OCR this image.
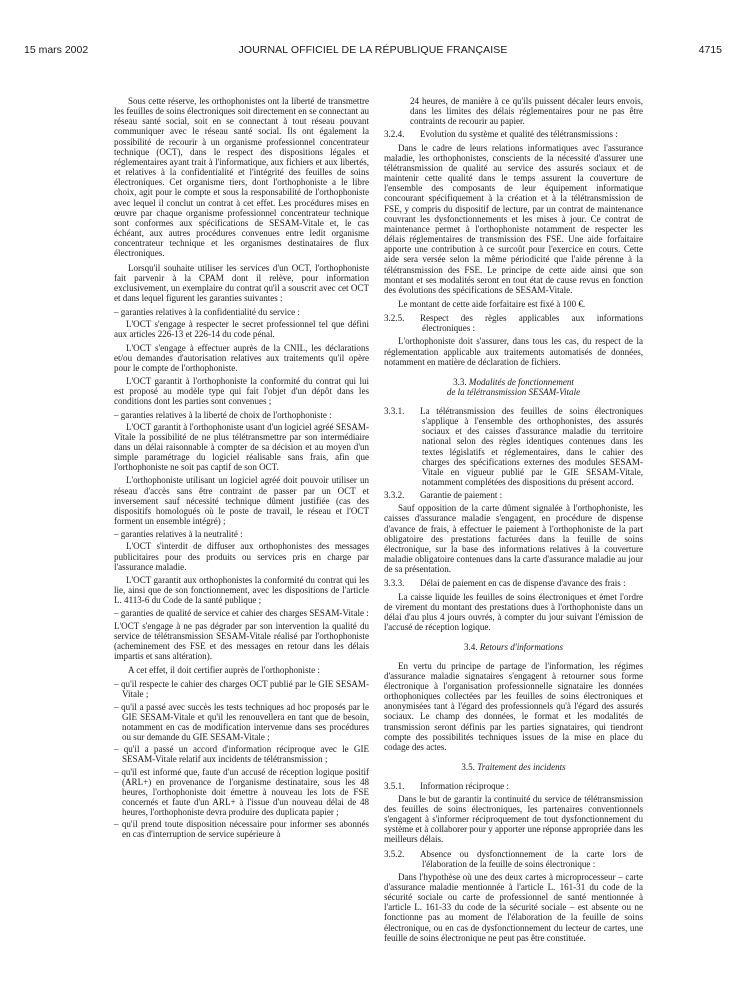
15 mars 2002	JOURNAL OFFICIEL DE LA RÉPUBLIQUE FRANÇAISE	4715

Sous cette réserve, les orthophonistes ont la liberté de transmettre les feuilles de soins électroniques soit directement en se connectant au réseau santé social, soit en se connectant à tout réseau pouvant communiquer avec le réseau santé social. Ils ont également la possibilité de recourir à un organisme professionnel concentrateur technique (OCT), dans le respect des dispositions légales et réglementaires ayant trait à l'informatique, aux fichiers et aux libertés, et relatives à la confidentialité et l'intégrité des feuilles de soins électroniques. Cet organisme tiers, dont l'orthophoniste a le libre choix, agit pour le compte et sous la responsabilité de l'orthophoniste avec lequel il conclut un contrat à cet effet. Les procédures mises en œuvre par chaque organisme professionnel concentrateur technique sont conformes aux spécifications de SESAM-Vitale et, le cas échéant, aux autres procédures convenues entre ledit organisme concentrateur technique et les organismes destinataires de flux électroniques.

Lorsqu'il souhaite utiliser les services d'un OCT, l'orthophoniste fait parvenir à la CPAM dont il relève, pour information exclusivement, un exemplaire du contrat qu'il a souscrit avec cet OCT et dans lequel figurent les garanties suivantes :

– garanties relatives à la confidentialité du service :

L'OCT s'engage à respecter le secret professionnel tel que défini aux articles 226-13 et 226-14 du code pénal.

L'OCT s'engage à effectuer auprès de la CNIL, les déclarations et/ou demandes d'autorisation relatives aux traitements qu'il opère pour le compte de l'orthophoniste.

L'OCT garantit à l'orthophoniste la conformité du contrat qui lui est proposé au modèle type qui fait l'objet d'un dépôt dans les conditions dont les parties sont convenues ;

– garanties relatives à la liberté de choix de l'orthophoniste :

L'OCT garantit à l'orthophoniste usant d'un logiciel agréé SESAM-Vitale la possibilité de ne plus télétransmettre par son intermédiaire dans un délai raisonnable à compter de sa décision et au moyen d'un simple paramétrage du logiciel réalisable sans frais, afin que l'orthophoniste ne soit pas captif de son OCT.

L'orthophoniste utilisant un logiciel agréé doit pouvoir utiliser un réseau d'accès sans être contraint de passer par un OCT et inversement sauf nécessité technique dûment justifiée (cas des dispositifs homologués où le poste de travail, le réseau et l'OCT forment un ensemble intégré) ;

– garanties relatives à la neutralité :

L'OCT s'interdit de diffuser aux orthophonistes des messages publicitaires pour des produits ou services pris en charge par l'assurance maladie.

L'OCT garantit aux orthophonistes la conformité du contrat qui les lie, ainsi que de son fonctionnement, avec les dispositions de l'article L. 4113-6 du Code de la santé publique ;

– garanties de qualité de service et cahier des charges SESAM-Vitale :

L'OCT s'engage à ne pas dégrader par son intervention la qualité du service de télétransmission SESAM-Vitale réalisé par l'orthophoniste (acheminement des FSE et des messages en retour dans les délais impartis et sans altération).

A cet effet, il doit certifier auprès de l'orthophoniste :

– qu'il respecte le cahier des charges OCT publié par le GIE SESAM-Vitale ;

– qu'il a passé avec succès les tests techniques ad hoc proposés par le GIE SESAM-Vitale et qu'il les renouvellera en tant que de besoin, notamment en cas de modification intervenue dans ses procédures ou sur demande du GIE SESAM-Vitale ;

– qu'il a passé un accord d'information réciproque avec le GIE SESAM-Vitale relatif aux incidents de télétransmission ;

– qu'il est informé que, faute d'un accusé de réception logique positif (ARL+) en provenance de l'organisme destinataire, sous les 48 heures, l'orthophoniste doit émettre à nouveau les lots de FSE concernés et faute d'un ARL+ à l'issue d'un nouveau délai de 48 heures, l'orthophoniste devra produire des duplicata papier ;

– qu'il prend toute disposition nécessaire pour informer ses abonnés en cas d'interruption de service supérieure à

24 heures, de manière à ce qu'ils puissent décaler leurs envois, dans les limites des délais réglementaires pour ne pas être contraints de recourir au papier.

3.2.4. Evolution du système et qualité des télétransmissions :

Dans le cadre de leurs relations informatiques avec l'assurance maladie, les orthophonistes, conscients de la nécessité d'assurer une télétransmission de qualité au service des assurés sociaux et de maintenir cette qualité dans le temps assurent la couverture de l'ensemble des composants de leur équipement informatique concourant spécifiquement à la création et à la télétransmission de FSE, y compris du dispositif de lecture, par un contrat de maintenance couvrant les dysfonctionnements et les mises à jour. Ce contrat de maintenance permet à l'orthophoniste notamment de respecter les délais réglementaires de transmission des FSE. Une aide forfaitaire apporte une contribution à ce surcoût pour l'exercice en cours. Cette aide sera versée selon la même périodicité que l'aide pérenne à la télétransmission des FSE. Le principe de cette aide ainsi que son montant et ses modalités seront en tout état de cause revus en fonction des évolutions des spécifications de SESAM-Vitale.

Le montant de cette aide forfaitaire est fixé à 100 €.

3.2.5. Respect des règles applicables aux informations électroniques :

L'orthophoniste doit s'assurer, dans tous les cas, du respect de la réglementation applicable aux traitements automatisés de données, notamment en matière de déclaration de fichiers.

3.3. Modalités de fonctionnement
de la télétransmission SESAM-Vitale

3.3.1. La télétransmission des feuilles de soins électroniques s'applique à l'ensemble des orthophonistes, des assurés sociaux et des caisses d'assurance maladie du territoire national selon des règles identiques contenues dans les textes législatifs et réglementaires, dans le cahier des charges des spécifications externes des modules SESAM-Vitale en vigueur publié par le GIE SESAM-Vitale, notamment complétées des dispositions du présent accord.

3.3.2. Garantie de paiement :

Sauf opposition de la carte dûment signalée à l'orthophoniste, les caisses d'assurance maladie s'engagent, en procédure de dispense d'avance de frais, à effectuer le paiement à l'orthophoniste de la part obligatoire des prestations facturées dans la feuille de soins électronique, sur la base des informations relatives à la couverture maladie obligatoire contenues dans la carte d'assurance maladie au jour de sa présentation.

3.3.3. Délai de paiement en cas de dispense d'avance des frais :

La caisse liquide les feuilles de soins électroniques et émet l'ordre de virement du montant des prestations dues à l'orthophoniste dans un délai d'au plus 4 jours ouvrés, à compter du jour suivant l'émission de l'accusé de réception logique.

3.4. Retours d'informations

En vertu du principe de partage de l'information, les régimes d'assurance maladie signataires s'engagent à retourner sous forme électronique à l'organisation professionnelle signataire les données orthophoniques collectées par les feuilles de soins électroniques et anonymisées tant à l'égard des professionnels qu'à l'égard des assurés sociaux. Le champ des données, le format et les modalités de transmission seront définis par les parties signataires, qui tiendront compte des possibilités techniques issues de la mise en place du codage des actes.

3.5. Traitement des incidents

3.5.1. Information réciproque :

Dans le but de garantir la continuité du service de télétransmission des feuilles de soins électroniques, les partenaires conventionnels s'engagent à s'informer réciproquement de tout dysfonctionnement du système et à collaborer pour y apporter une réponse appropriée dans les meilleurs délais.

3.5.2. Absence ou dysfonctionnement de la carte lors de l'élaboration de la feuille de soins électronique :

Dans l'hypothèse où une des deux cartes à microprocesseur – carte d'assurance maladie mentionnée à l'article L. 161-31 du code de la sécurité sociale ou carte de professionnel de santé mentionnée à l'article L. 161-33 du code de la sécurité sociale – est absente ou ne fonctionne pas au moment de l'élaboration de la feuille de soins électronique, ou en cas de dysfonctionnement du lecteur de cartes, une feuille de soins électronique ne peut pas être constituée.
